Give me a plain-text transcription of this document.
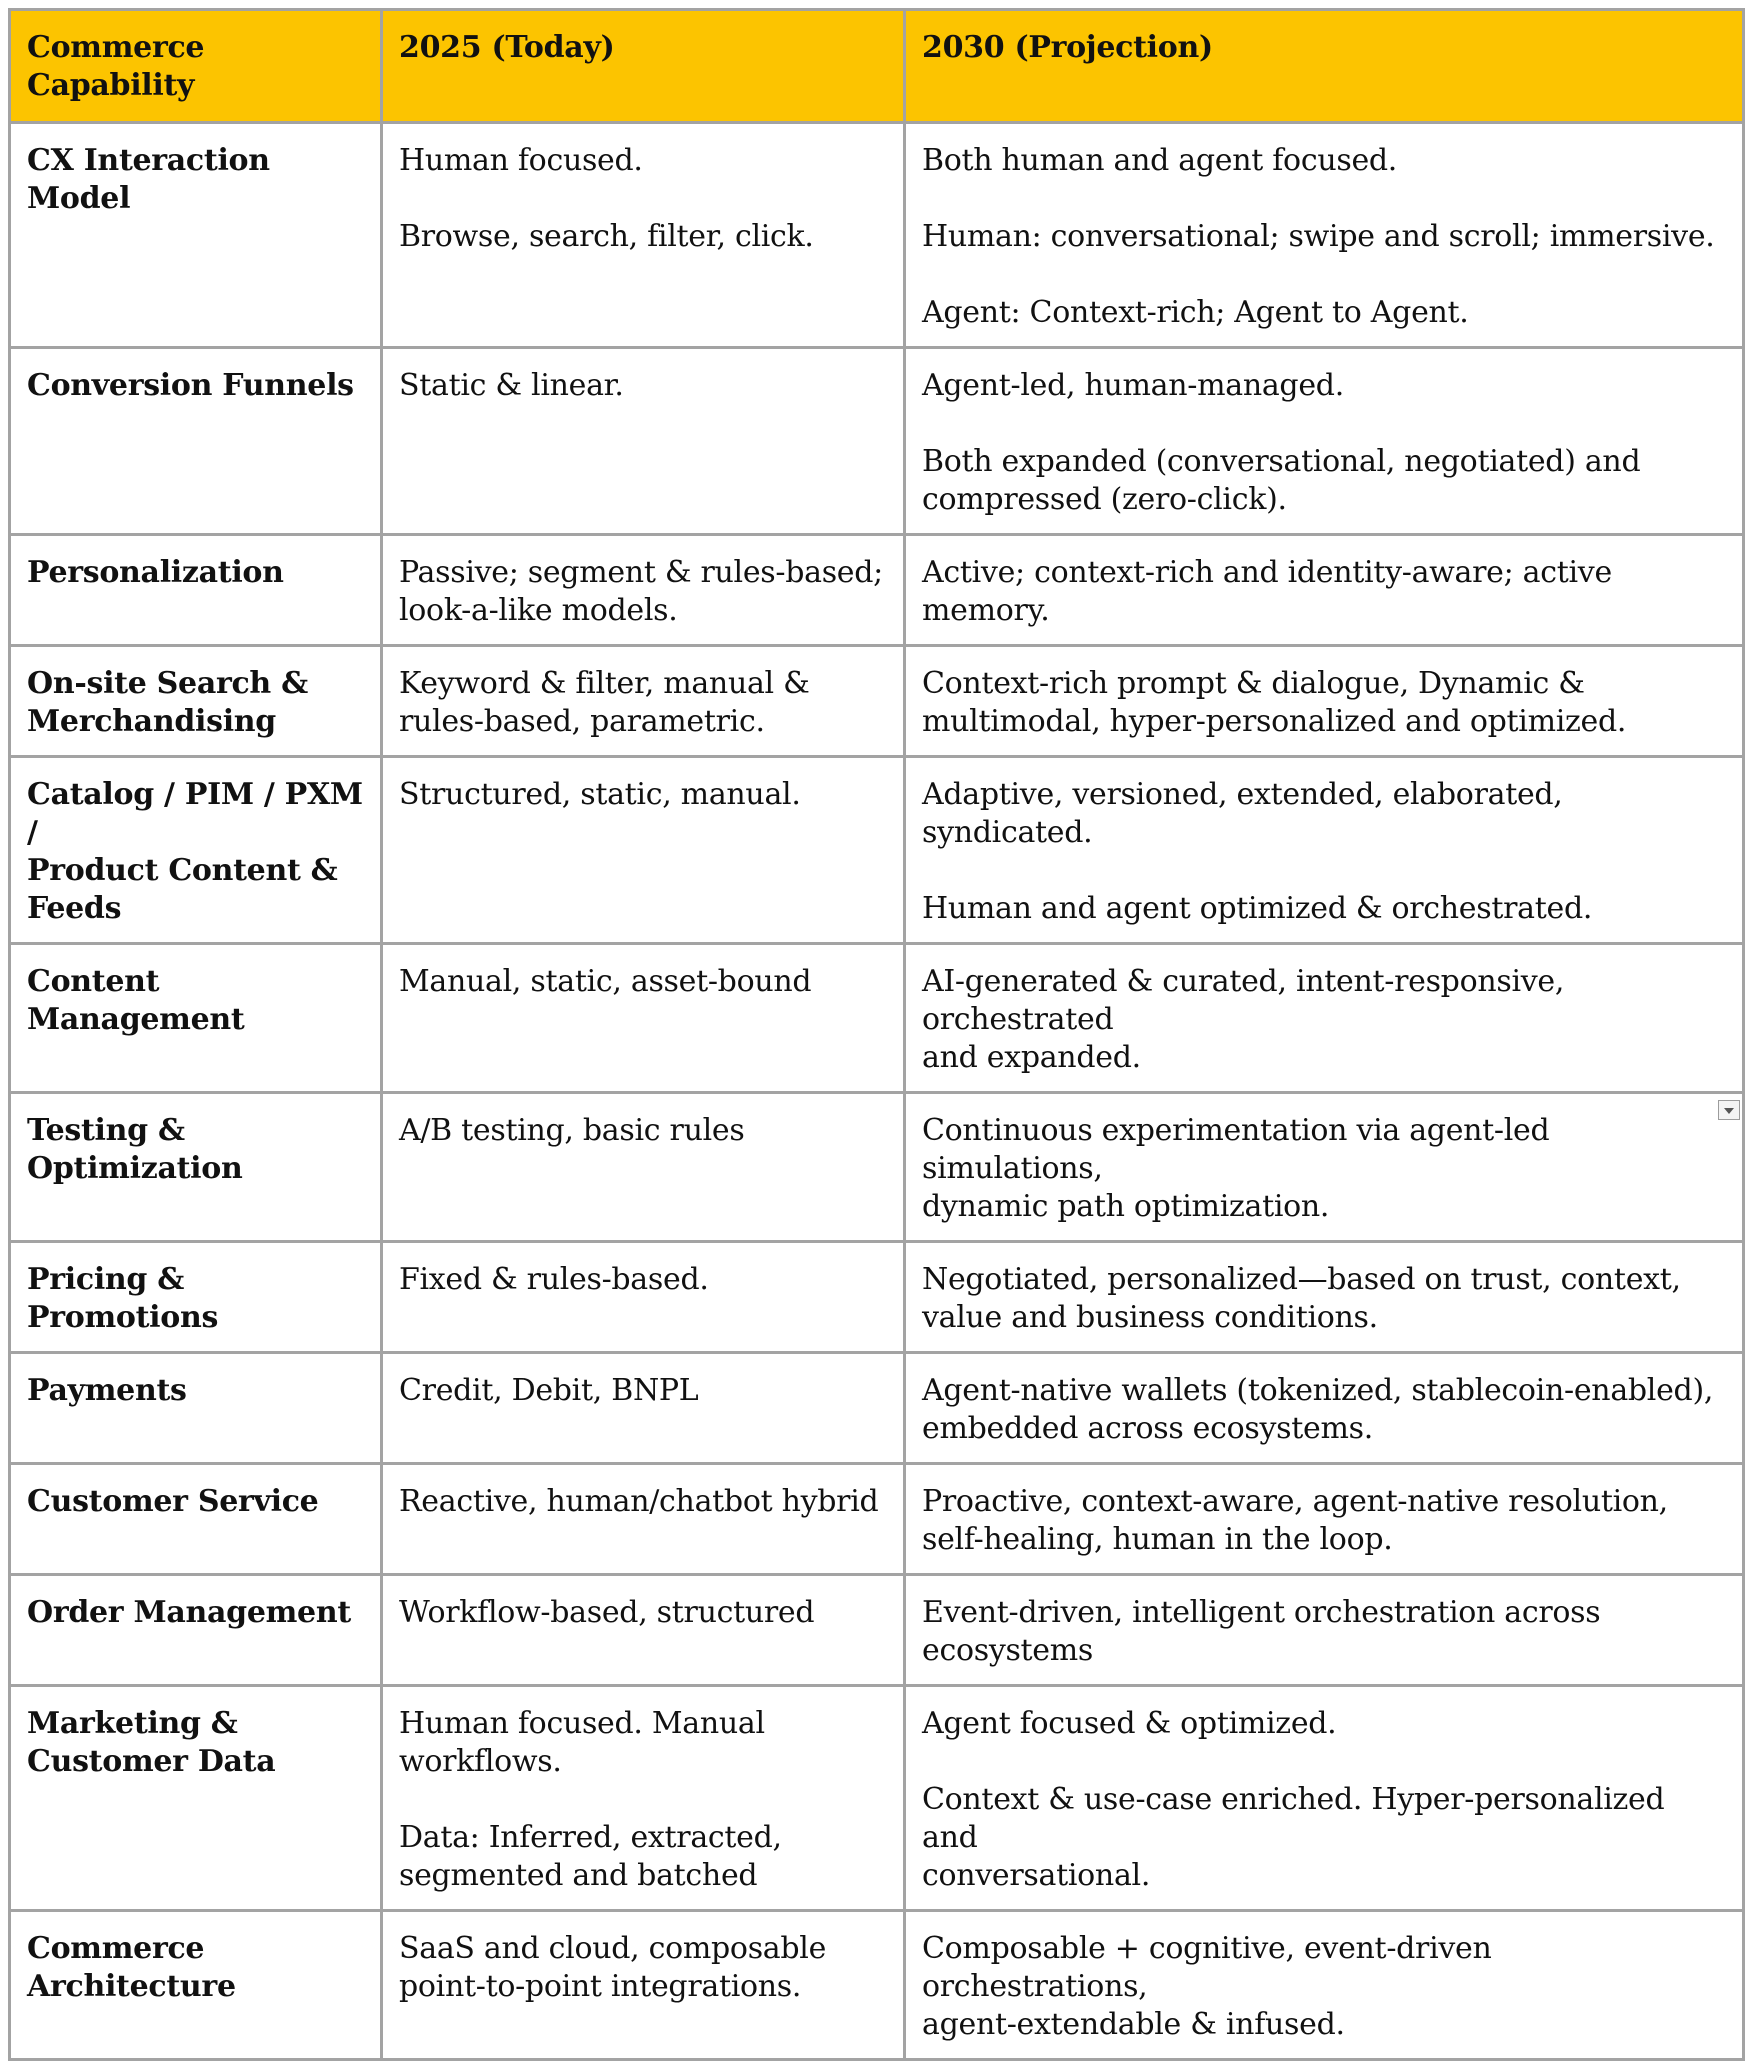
Commerce Capability	2025 (Today)	2030 (Projection)

CX Interaction Model	Human focused.
Browse, search, filter, click.	Both human and agent focused.
Human: conversational; swipe and scroll; immersive.
Agent: Context-rich; Agent to Agent.

Conversion Funnels	Static & linear.	Agent-led, human-managed.
Both expanded (conversational, negotiated) and
compressed (zero-click).

Personalization	Passive; segment & rules-based;
look-a-like models.	Active; context-rich and identity-aware; active memory.

On-site Search &
Merchandising	Keyword & filter, manual &
rules-based, parametric.	Context-rich prompt & dialogue, Dynamic &
multimodal, hyper-personalized and optimized.

Catalog / PIM / PXM /
Product Content &
Feeds	Structured, static, manual.	Adaptive, versioned, extended, elaborated, syndicated.
Human and agent optimized & orchestrated.

Content Management	Manual, static, asset-bound	AI-generated & curated, intent-responsive, orchestrated
and expanded.

Testing &
Optimization	A/B testing, basic rules	Continuous experimentation via agent-led simulations,
dynamic path optimization.

Pricing & Promotions	Fixed & rules-based.	Negotiated, personalized—based on trust, context,
value and business conditions.

Payments	Credit, Debit, BNPL	Agent-native wallets (tokenized, stablecoin-enabled),
embedded across ecosystems.

Customer Service	Reactive, human/chatbot hybrid	Proactive, context-aware, agent-native resolution,
self-healing, human in the loop.

Order Management	Workflow-based, structured	Event-driven, intelligent orchestration across
ecosystems

Marketing &
Customer Data	Human focused. Manual
workflows.
Data: Inferred, extracted,
segmented and batched	Agent focused & optimized.
Context & use-case enriched. Hyper-personalized and
conversational.

Commerce
Architecture	SaaS and cloud, composable
point-to-point integrations.	Composable + cognitive, event-driven orchestrations,
agent-extendable & infused.
